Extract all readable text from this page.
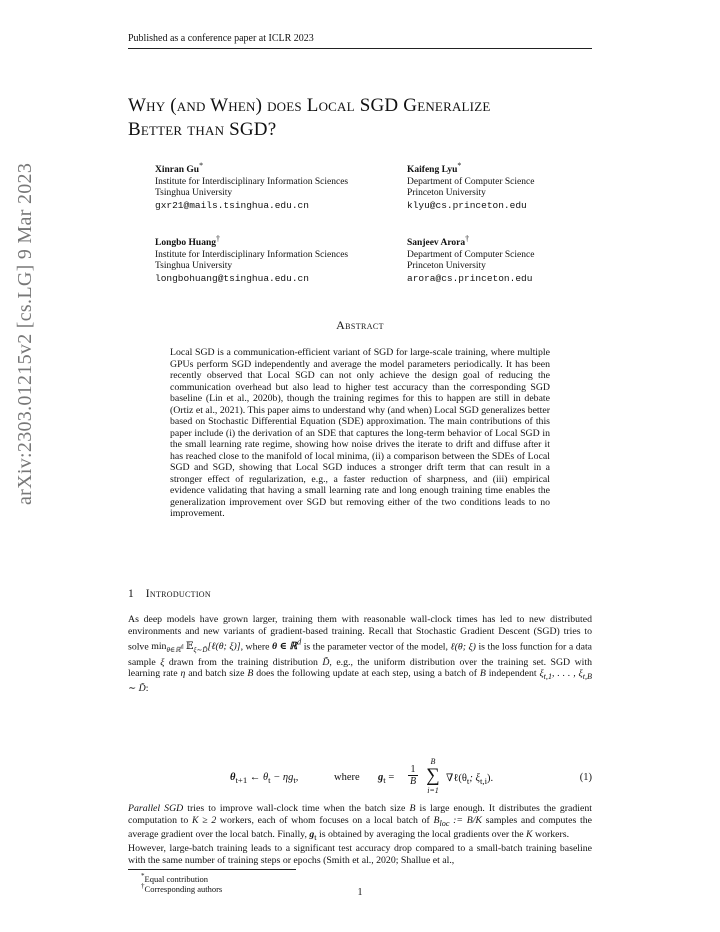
Published as a conference paper at ICLR 2023
arXiv:2303.01215v2 [cs.LG] 9 Mar 2023
Why (and When) does Local SGD Generalize
Better than SGD?
Xinran Gu*
Institute for Interdisciplinary Information Sciences
Tsinghua University
gxr21@mails.tsinghua.edu.cn
Kaifeng Lyu*
Department of Computer Science
Princeton University
klyu@cs.princeton.edu
Longbo Huang†
Institute for Interdisciplinary Information Sciences
Tsinghua University
longbohuang@tsinghua.edu.cn
Sanjeev Arora†
Department of Computer Science
Princeton University
arora@cs.princeton.edu
Abstract
Local SGD is a communication-efficient variant of SGD for large-scale training, where multiple GPUs perform SGD independently and average the model parameters periodically. It has been recently observed that Local SGD can not only achieve the design goal of reducing the communication overhead but also lead to higher test accuracy than the corresponding SGD baseline (Lin et al., 2020b), though the training regimes for this to happen are still in debate (Ortiz et al., 2021). This paper aims to understand why (and when) Local SGD generalizes better based on Stochastic Differential Equation (SDE) approximation. The main contributions of this paper include (i) the derivation of an SDE that captures the long-term behavior of Local SGD in the small learning rate regime, showing how noise drives the iterate to drift and diffuse after it has reached close to the manifold of local minima, (ii) a comparison between the SDEs of Local SGD and SGD, showing that Local SGD induces a stronger drift term that can result in a stronger effect of regularization, e.g., a faster reduction of sharpness, and (iii) empirical evidence validating that having a small learning rate and long enough training time enables the generalization improvement over SGD but removing either of the two conditions leads to no improvement.
1 Introduction

As deep models have grown larger, training them with reasonable wall-clock times has led to new distributed environments and new variants of gradient-based training. Recall that Stochastic Gradient Descent (SGD) tries to solve $\min_{\theta\in ℝ^d}$ 𝔼$_{\xi\sim D̃}$[ℓ(θ; ξ)], where θ ∈ ℝ$^d$ is the parameter vector of the model, ℓ(θ; ξ) is the loss function for a data sample ξ drawn from the training distribution D̃, e.g., the uniform distribution over the training set. SGD with learning rate η and batch size B does the following update at each step, using a batch of B independent $\xi_{t,1}$, . . . , $\xi_{t,B}$ ∼ D̃:

$\theta_{t+1}$ ← $\theta_t - \eta g_t$,	where $g_t = \frac{1}{B}$
B
∑
i=1
$\nabla\ell(\theta_t$; $\xi_{t,i}$).	(1)

Parallel SGD tries to improve wall-clock time when the batch size B is large enough. It distributes the gradient computation to K ≥ 2 workers, each of whom focuses on a local batch of $B_{loc}$ := B/K samples and computes the average gradient over the local batch. Finally, $g_t$ is obtained by averaging the local gradients over the K workers.

However, large-batch training leads to a significant test accuracy drop compared to a small-batch training baseline with the same number of training steps or epochs (Smith et al., 2020; Shallue et al.,

*Equal contribution
†Corresponding authors	1
